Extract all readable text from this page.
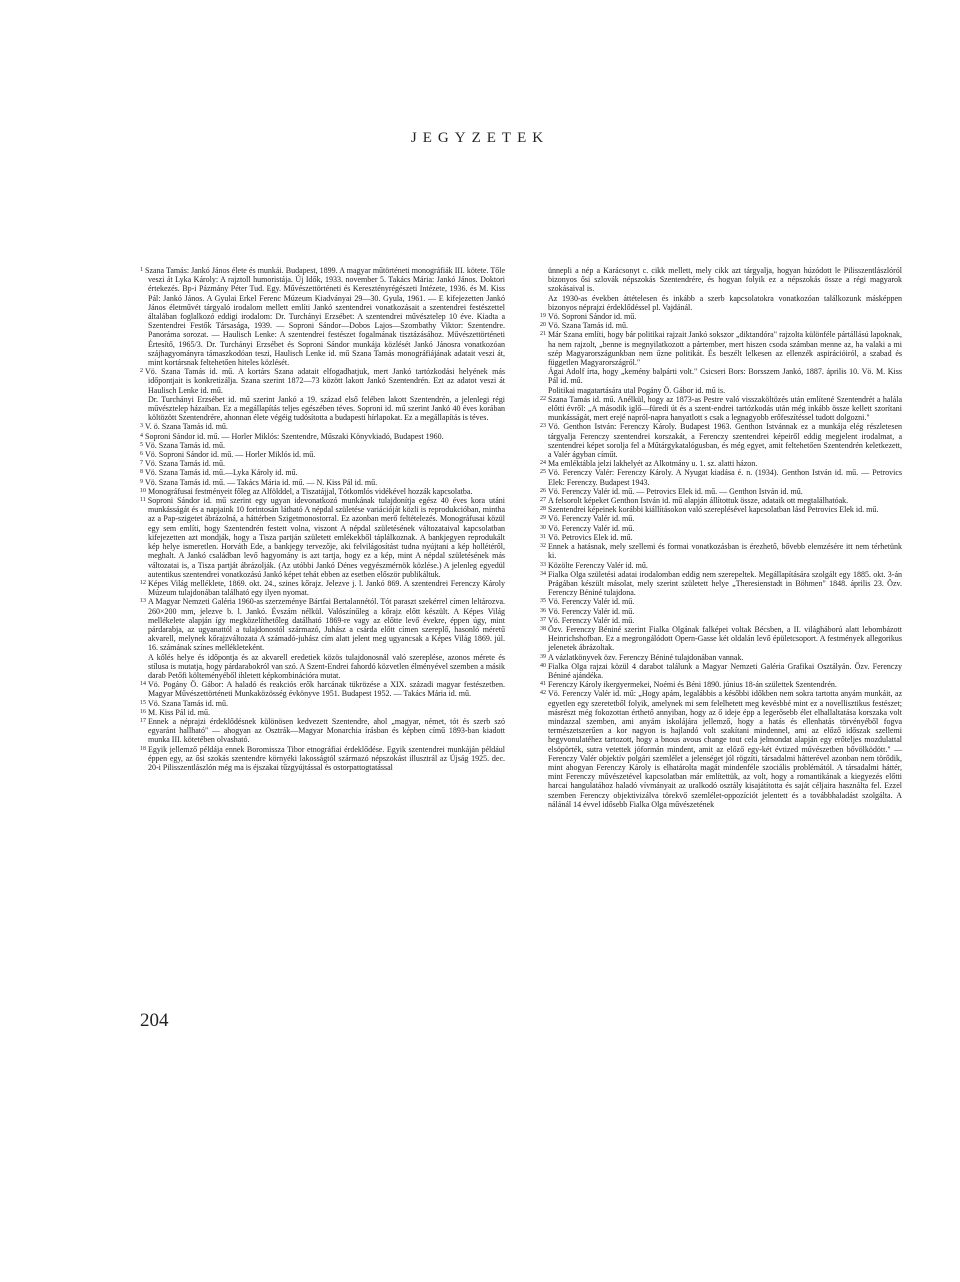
JEGYZETEK

$^1$ Szana Tamás: Jankó János élete és munkái. Budapest, 1899. A magyar műtörténeti monográfiák III. kötete. Tőle veszi át Lyka Károly: A rajztoll humoristája. Új Idők, 1933. november 5. Takács Mária: Jankó János. Doktori értekezés. Bp-i Pázmány Péter Tud. Egy. Művészettörténeti és Keresztényrégészeti Intézete, 1936. és M. Kiss Pál: Jankó János. A Gyulai Erkel Ferenc Múzeum Kiadványai 29—30. Gyula, 1961. — E kifejezetten Jankó János életművét tárgyaló irodalom mellett említi Jankó szentendrei vonatkozásait a szentendrei festészettel általában foglalkozó eddigi irodalom: Dr. Turchányi Erzsébet: A szentendrei művésztelep 10 éve. Kiadta a Szentendrei Festők Társasága, 1939. — Soproni Sándor—Dobos Lajos—Szombathy Viktor: Szentendre. Panoráma sorozat. — Haulisch Lenke: A szentendrei festészet fogalmának tisztázásához. Művészettörténeti Értesítő, 1965/3. Dr. Turchányi Erzsébet és Soproni Sándor munkája közlését Jankó Jánosra vonatkozóan szájhagyományra támaszkodóan teszi, Haulisch Lenke id. mű Szana Tamás monográfiájának adatait veszi át, mint kortársnak feltehetően hiteles közlését.

$^2$ Vö. Szana Tamás id. mű. A kortárs Szana adatait elfogadhatjuk, mert Jankó tartózkodási helyének más időpontjait is konkretizálja. Szana szerint 1872—73 között lakott Jankó Szentendrén. Ezt az adatot veszi át Haulisch Lenke id. mű.

Dr. Turchányi Erzsébet id. mű szerint Jankó a 19. század első felében lakott Szentendrén, a jelenlegi régi művésztelep házaiban. Ez a megállapítás teljes egészében téves. Soproni id. mű szerint Jankó 40 éves korában költözött Szentendrére, ahonnan élete végéig tudósította a budapesti hírlapokat. Ez a megállapítás is téves.

$^3$ V. ö. Szana Tamás id. mű.

$^4$ Soproni Sándor id. mű. — Horler Miklós: Szentendre, Műszaki Könyvkiadó, Budapest 1960.

$^5$ Vö. Szana Tamás id. mű.

$^6$ Vö. Soproni Sándor id. mű. — Horler Miklós id. mű.

$^7$ Vö. Szana Tamás id. mű.

$^8$ Vö. Szana Tamás id. mű.—Lyka Károly id. mű.

$^9$ Vö. Szana Tamás id. mű. — Takács Mária id. mű. — N. Kiss Pál id. mű.

$^{10}$ Monográfusai festményeit főleg az Alfölddel, a Tiszatájjal, Tótkomlós vidékével hozzák kapcsolatba.

$^{11}$ Soproni Sándor id. mű szerint egy ugyan idevonatkozó munkának tulajdonítja egész 40 éves kora utáni munkásságát és a napjaink 10 forintosán látható A népdal születése variációját közli is reprodukcióban, mintha az a Pap-szigetet ábrázolná, a háttérben Szigetmonostorral. Ez azonban merő feltételezés. Monográfusai közül egy sem említi, hogy Szentendrén festett volna, viszont A népdal születésének változataival kapcsolatban kifejezetten azt mondják, hogy a Tisza partján született emlékekből táplálkoznak. A bankjegyen reprodukált kép helye ismeretlen. Horváth Ede, a bankjegy tervezője, aki felvilágosítást tudna nyújtani a kép hollétéről, meghalt. A Jankó családban levő hagyomány is azt tartja, hogy ez a kép, mint A népdal születésének más változatai is, a Tisza partját ábrázolják. (Az utóbbi Jankó Dénes vegyészmérnök közlése.) A jelenleg egyedül autentikus szentendrei vonatkozású Jankó képet tehát ebben az esetben először publikáltuk.

$^{12}$ Képes Világ melléklete, 1869. okt. 24., szines kőrajz. Jelezve j. l. Jankó 869. A szentendrei Ferenczy Károly Múzeum tulajdonában található egy ilyen nyomat.

$^{13}$ A Magyar Nemzeti Galéria 1960-as szerzeménye Bártfai Bertalannétól. Tót paraszt szekérrel címen leltározva. 260×200 mm, jelezve b. l. Jankó. Évszám nélkül. Valószínűleg a kőrajz előtt készült. A Képes Világ mellékelete alapján így megközelíthetőleg datálható 1869-re vagy az előtte levő évekre, éppen úgy, mint párdarabja, az ugyanattól a tulajdonostól származó, Juhász a csárda előtt címen szereplő, hasonló méretű akvarell, melynek kőrajzváltozata A számadó-juhász cím alatt jelent meg ugyancsak a Képes Világ 1869. júl. 16. számának színes mellékleteként.

A kőlés helye és időpontja és az akvarell eredetiek közös tulajdonosnál való szereplése, azonos mérete és stílusa is mutatja, hogy párdarabokról van szó. A Szent-Endrei fahordó közvetlen élményével szemben a másik darab Petőfi költeményéből ihletett képkombinációra mutat.

$^{14}$ Vö. Pogány Ö. Gábor: A haladó és reakciós erők harcának tükrözése a XIX. századi magyar festészetben. Magyar Művészettörténeti Munkaközösség évkönyve 1951. Budapest 1952. — Takács Mária id. mű.

$^{15}$ Vö. Szana Tamás id. mű.

$^{16}$ M. Kiss Pál id. mű.

$^{17}$ Ennek a néprajzi érdeklődésnek különösen kedvezett Szentendre, ahol „magyar, német, tót és szerb szó egyaránt hallható" — ahogyan az Osztrák—Magyar Monarchia írásban és képben című 1893-ban kiadott munka III. kötetében olvasható.

$^{18}$ Egyik jellemző példája ennek Boromissza Tibor etnográfiai érdeklődése. Egyik szentendrei munkáján például éppen egy, az ősi szokás szentendre környéki lakosságtól származó népszokást illusztrál az Újság 1925. dec. 20-i Pilisszentlászlón még ma is éjszakai tűzgyújtással és ostorpattogtatással

ünnepli a nép a Karácsonyt c. cikk mellett, mely cikk azt tárgyalja, hogyan húzódott le Pilisszentlászlóról bizonyos ősi szlovák népszokás Szentendrére, és hogyan folyik ez a népszokás össze a régi magyarok szokásaival is.

Az 1930-as években áttételesen és inkább a szerb kapcsolatokra vonatkozóan találkozunk másképpen bizonyos néprajzi érdeklődéssel pl. Vajdánál.

$^{19}$ Vö. Soproni Sándor id. mű.

$^{20}$ Vö. Szana Tamás id. mű.

$^{21}$ Már Szana említi, hogy bár politikai rajzait Jankó sokszor „diktandóra" rajzolta különféle pártállású lapoknak, ha nem rajzolt, „benne is megnyilatkozott a pártember, mert hiszen csoda számban menne az, ha valaki a mi szép Magyarországunkban nem űzne politikát. És beszélt lelkesen az ellenzék aspirációiról, a szabad és független Magyarországról."

Ágai Adolf írta, hogy „kemény balpárti volt." Csicseri Bors: Borsszem Jankó, 1887. április 10. Vö. M. Kiss Pál id. mű.

Politikai magatartására utal Pogány Ö. Gábor id. mű is.

$^{22}$ Szana Tamás id. mű. Anélkül, hogy az 1873-as Pestre való visszaköltözés után említené Szentendrét a halála előtti évről: „A második iglő—füredi út és a szent-endrei tartózkodás után még inkább össze kellett szorítani munkásságát, mert erejé napról-napra hanyatlott s csak a legnagyobb erőfeszítéssel tudott dolgozni."

$^{23}$ Vö. Genthon István: Ferenczy Károly. Budapest 1963. Genthon Istvánnak ez a munkája elég részletesen tárgyalja Ferenczy szentendrei korszakát, a Ferenczy szentendrei képeiről eddig megjelent irodalmat, a szentendrei képet sorolja fel a Műtárgykatalógusban, és még egyet, amit feltehetően Szentendrén keletkezett, a Valér ágyban címűt.

$^{24}$ Ma emléktábla jelzi lakhelyét az Alkotmány u. 1. sz. alatti házon.

$^{25}$ Vö. Ferenczy Valér: Ferenczy Károly. A Nyugat kiadása é. n. (1934). Genthon István id. mű. — Petrovics Elek: Ferenczy. Budapest 1943.

$^{26}$ Vö. Ferenczy Valér id. mű. — Petrovics Elek id. mű. — Genthon István id. mű.

$^{27}$ A felsorolt képeket Genthon István id. mű alapján állítottuk össze, adataik ott megtalálhatóak.

$^{28}$ Szentendrei képeinek korábbi kiállításokon való szereplésével kapcsolatban lásd Petrovics Elek id. mű.

$^{29}$ Vö. Ferenczy Valér id. mű.

$^{30}$ Vö. Ferenczy Valér id. mű.

$^{31}$ Vö. Petrovics Elek id. mű.

$^{32}$ Ennek a hatásnak, mely szellemi és formai vonatkozásban is érezhető, bővebb elemzésére itt nem térhetünk ki.

$^{33}$ Közölte Ferenczy Valér id. mű.

$^{34}$ Fialka Olga születési adatai irodalomban eddig nem szerepeltek. Megállapítására szolgált egy 1885. okt. 3-án Prágában készült másolat, mely szerint született helye „Theresienstadt in Böhmen" 1848. április 23. Özv. Ferenczy Béniné tulajdona.

$^{35}$ Vö. Ferenczy Valér id. mű.

$^{36}$ Vö. Ferenczy Valér id. mű.

$^{37}$ Vö. Ferenczy Valér id. mű.

$^{38}$ Özv. Ferenczy Béniné szerint Fialka Olgának falképei voltak Bécsben, a II. világháború alatt lebombázott Heinrichshofban. Ez a megrongálódott Opern-Gasse két oldalán levő épületcsoport. A festmények allegorikus jelenetek ábrázoltak.

$^{39}$ A vázlatkönyvek özv. Ferenczy Béniné tulajdonában vannak.

$^{40}$ Fialka Olga rajzai közül 4 darabot találunk a Magyar Nemzeti Galéria Grafikai Osztályán. Özv. Ferenczy Béniné ajándéka.

$^{41}$ Ferenczy Károly ikergyermekei, Noémi és Béni 1890. június 18-án születtek Szentendrén.

$^{42}$ Vö. Ferenczy Valér id. mű: „Hogy apám, legalábbis a későbbi időkben nem sokra tartotta anyám munkáit, az egyetlen egy szeretetből folyik, amelynek mi sem felelhetett meg kevésbbé mint ez a novellisztikus festészet; másrészt még fokozottan érthető annyiban, hogy az ő ideje épp a legerősebb élet elhallaltatása korszaka volt mindazzal szemben, ami anyám iskolájára jellemző, hogy a hatás és ellenhatás törvényéből fogva természetszerűen a kor nagyon is hajlandó volt szakítani mindennel, ami az előző időszak szellemi hegyvonulatéhez tartozott, hogy a bnous avous change tout cela jelmondat alapján egy erőteljes mozdulattal elsöpörték, sutra vetettek jóformán mindent, amit az előző egy-két évtized művészetben bővölködött." — Ferenczy Valér objektív polgári szemlélet a jelenséget jól rögzíti, társadalmi hátterével azonban nem törődik, mint ahogyan Ferenczy Károly is elhatárolta magát mindenféle szociális problémától. A társadalmi háttér, mint Ferenczy művészetével kapcsolatban már említettük, az volt, hogy a romantikának a kiegyezés előtti harcai hangulatához haladó vívmányait az uralkodó osztály kisajátította és saját céljaira használta fel. Ezzel szemben Ferenczy objektivizálva törekvő szemlélet-oppozíciót jelentett és a továbbhaladást szolgálta. A nálánál 14 évvel idősebb Fialka Olga művészetének

204
